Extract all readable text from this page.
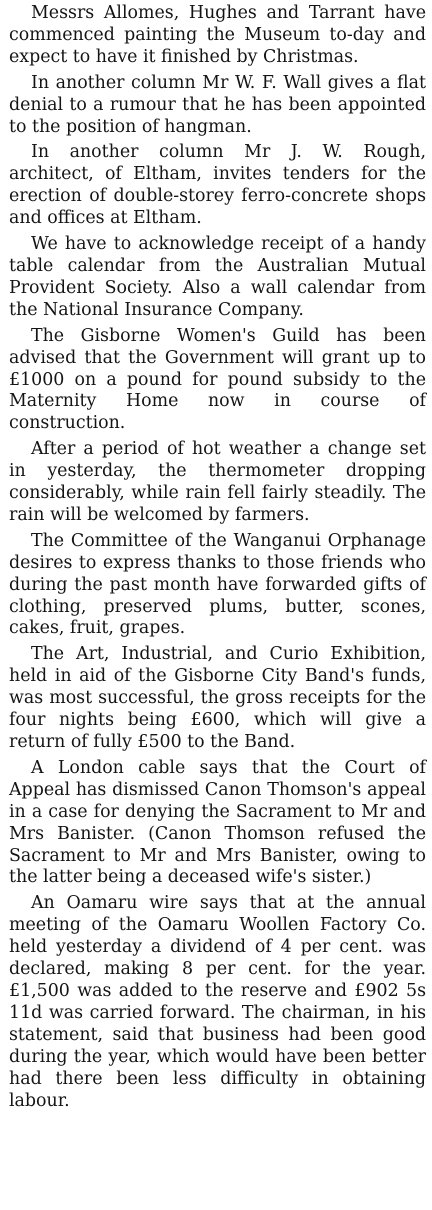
Messrs Allomes, Hughes and Tarrant have commenced painting the Museum to-day and expect to have it finished by Christmas.

In another column Mr W. F. Wall gives a flat denial to a rumour that he has been appointed to the position of hangman.

In another column Mr J. W. Rough, architect, of Eltham, invites tenders for the erection of double-storey ferro-concrete shops and offices at Eltham.

We have to acknowledge receipt of a handy table calendar from the Australian Mutual Provident Society. Also a wall calendar from the National Insurance Company.

The Gisborne Women's Guild has been advised that the Government will grant up to £1000 on a pound for pound subsidy to the Maternity Home now in course of construction.

After a period of hot weather a change set in yesterday, the thermometer dropping considerably, while rain fell fairly steadily. The rain will be welcomed by farmers.

The Committee of the Wanganui Orphanage desires to express thanks to those friends who during the past month have forwarded gifts of clothing, preserved plums, butter, scones, cakes, fruit, grapes.

The Art, Industrial, and Curio Exhibition, held in aid of the Gisborne City Band's funds, was most successful, the gross receipts for the four nights being £600, which will give a return of fully £500 to the Band.

A London cable says that the Court of Appeal has dismissed Canon Thomson's appeal in a case for denying the Sacrament to Mr and Mrs Banister. (Canon Thomson refused the Sacrament to Mr and Mrs Banister, owing to the latter being a deceased wife's sister.)

An Oamaru wire says that at the annual meeting of the Oamaru Woollen Factory Co. held yesterday a dividend of 4 per cent. was declared, making 8 per cent. for the year. £1,500 was added to the reserve and £902 5s 11d was carried forward. The chairman, in his statement, said that business had been good during the year, which would have been better had there been less difficulty in obtaining labour.
